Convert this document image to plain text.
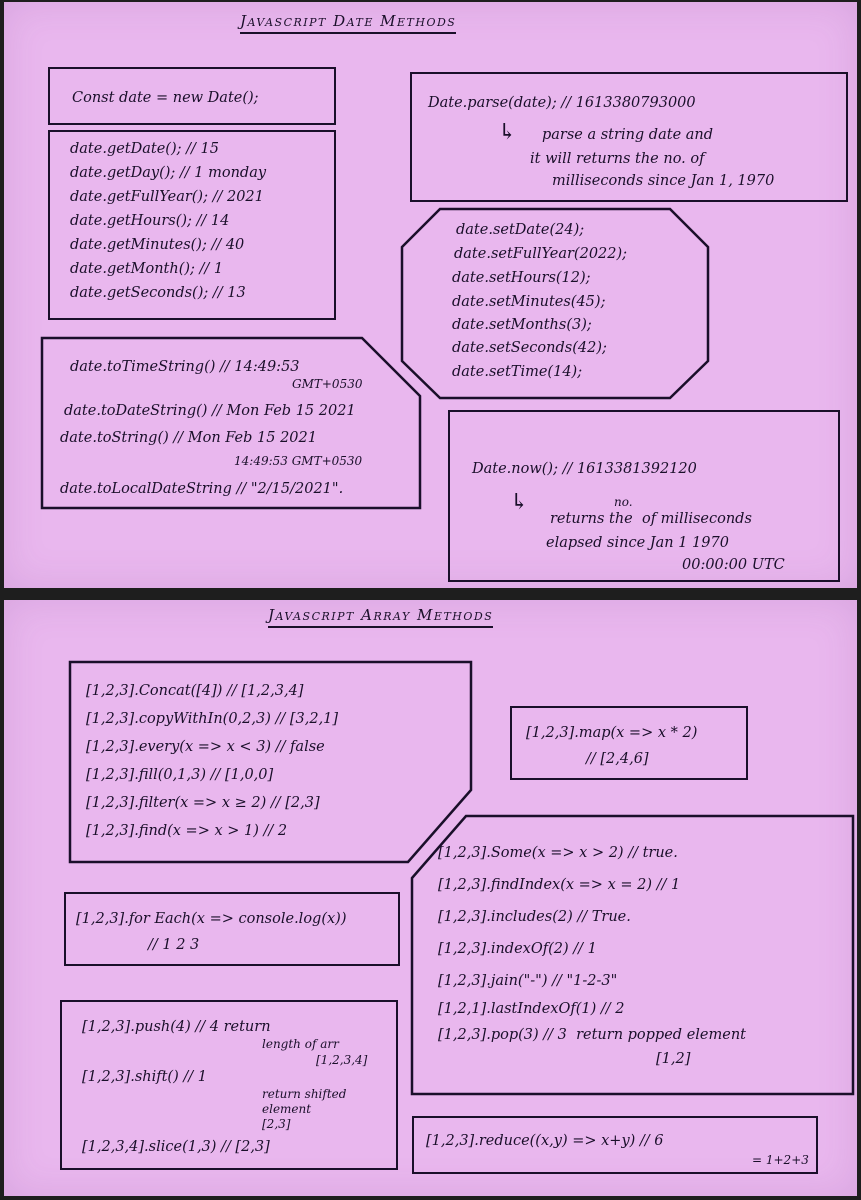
Javascript Date Methods
Const date = new Date();
date.getDate(); // 15
date.getDay(); // 1 monday
date.getFullYear(); // 2021
date.getHours(); // 14
date.getMinutes(); // 40
date.getMonth(); // 1
date.getSeconds(); // 13
Date.parse(date); // 1613380793000
↳ parse a string date and
it will returns the no. of
milliseconds since Jan 1, 1970
date.setDate(24);
date.setFullYear(2022);
date.setHours(12);
date.setMinutes(45);
date.setMonths(3);
date.setSeconds(42);
date.setTime(14);
date.toTimeString() // 14:49:53
GMT+0530
date.toDateString() // Mon Feb 15 2021
date.toString() // Mon Feb 15 2021
14:49:53 GMT+0530
date.toLocalDateString // "2/15/2021".
Date.now(); // 1613381392120
↳	no.
returns the  of milliseconds
elapsed since Jan 1 1970
00:00:00 UTC
Javascript Array Methods
[1,2,3].Concat([4]) // [1,2,3,4]
[1,2,3].copyWithIn(0,2,3) // [3,2,1]
[1,2,3].every(x => x < 3) // false
[1,2,3].fill(0,1,3) // [1,0,0]
[1,2,3].filter(x => x ≥ 2) // [2,3]
[1,2,3].find(x => x > 1) // 2
[1,2,3].map(x => x * 2)
// [2,4,6]
[1,2,3].Some(x => x > 2) // true.
[1,2,3].findIndex(x => x = 2) // 1
[1,2,3].includes(2) // True.
[1,2,3].indexOf(2) // 1
[1,2,3].jain("-") // "1-2-3"
[1,2,1].lastIndexOf(1) // 2
[1,2,3].pop(3) // 3  return popped element
[1,2]
[1,2,3].for Each(x => console.log(x))
// 1 2 3
[1,2,3].push(4) // 4 return
length of arr
[1,2,3,4]
[1,2,3].shift() // 1
return shifted
element
[2,3]
[1,2,3,4].slice(1,3) // [2,3]	[1,2,3].reduce((x,y) => x+y) // 6
= 1+2+3
